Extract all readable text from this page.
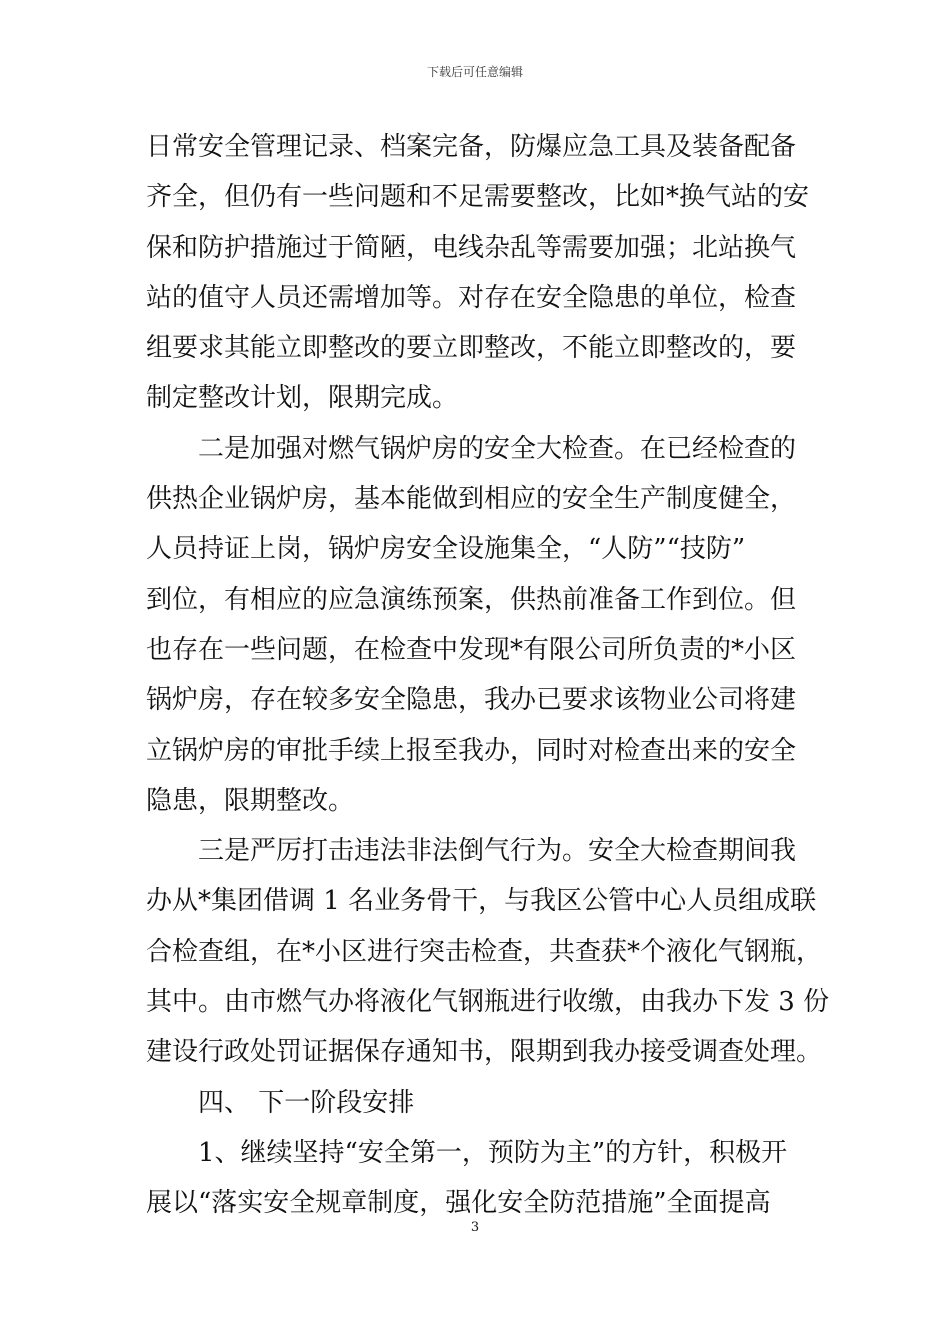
下载后可任意编辑
日常安全管理记录、档案完备，防爆应急工具及装备配备
齐全，但仍有一些问题和不足需要整改，比如*换气站的安
保和防护措施过于简陋，电线杂乱等需要加强；北站换气
站的值守人员还需增加等。对存在安全隐患的单位，检查
组要求其能立即整改的要立即整改，不能立即整改的，要
制定整改计划，限期完成。
二是加强对燃气锅炉房的安全大检查。在已经检查的
供热企业锅炉房，基本能做到相应的安全生产制度健全，
人员持证上岗，锅炉房安全设施集全，“人防”“技防”
到位，有相应的应急演练预案，供热前准备工作到位。但
也存在一些问题，在检查中发现*有限公司所负责的*小区
锅炉房，存在较多安全隐患，我办已要求该物业公司将建
立锅炉房的审批手续上报至我办，同时对检查出来的安全
隐患，限期整改。
三是严厉打击违法非法倒气行为。安全大检查期间我
办从*集团借调 1 名业务骨干，与我区公管中心人员组成联
合检查组，在*小区进行突击检查，共查获*个液化气钢瓶，
其中。由市燃气办将液化气钢瓶进行收缴，由我办下发 3 份
建设行政处罚证据保存通知书，限期到我办接受调查处理。
四、 下一阶段安排
1、继续坚持“安全第一，预防为主”的方针，积极开
展以“落实安全规章制度，强化安全防范措施”全面提高
3
